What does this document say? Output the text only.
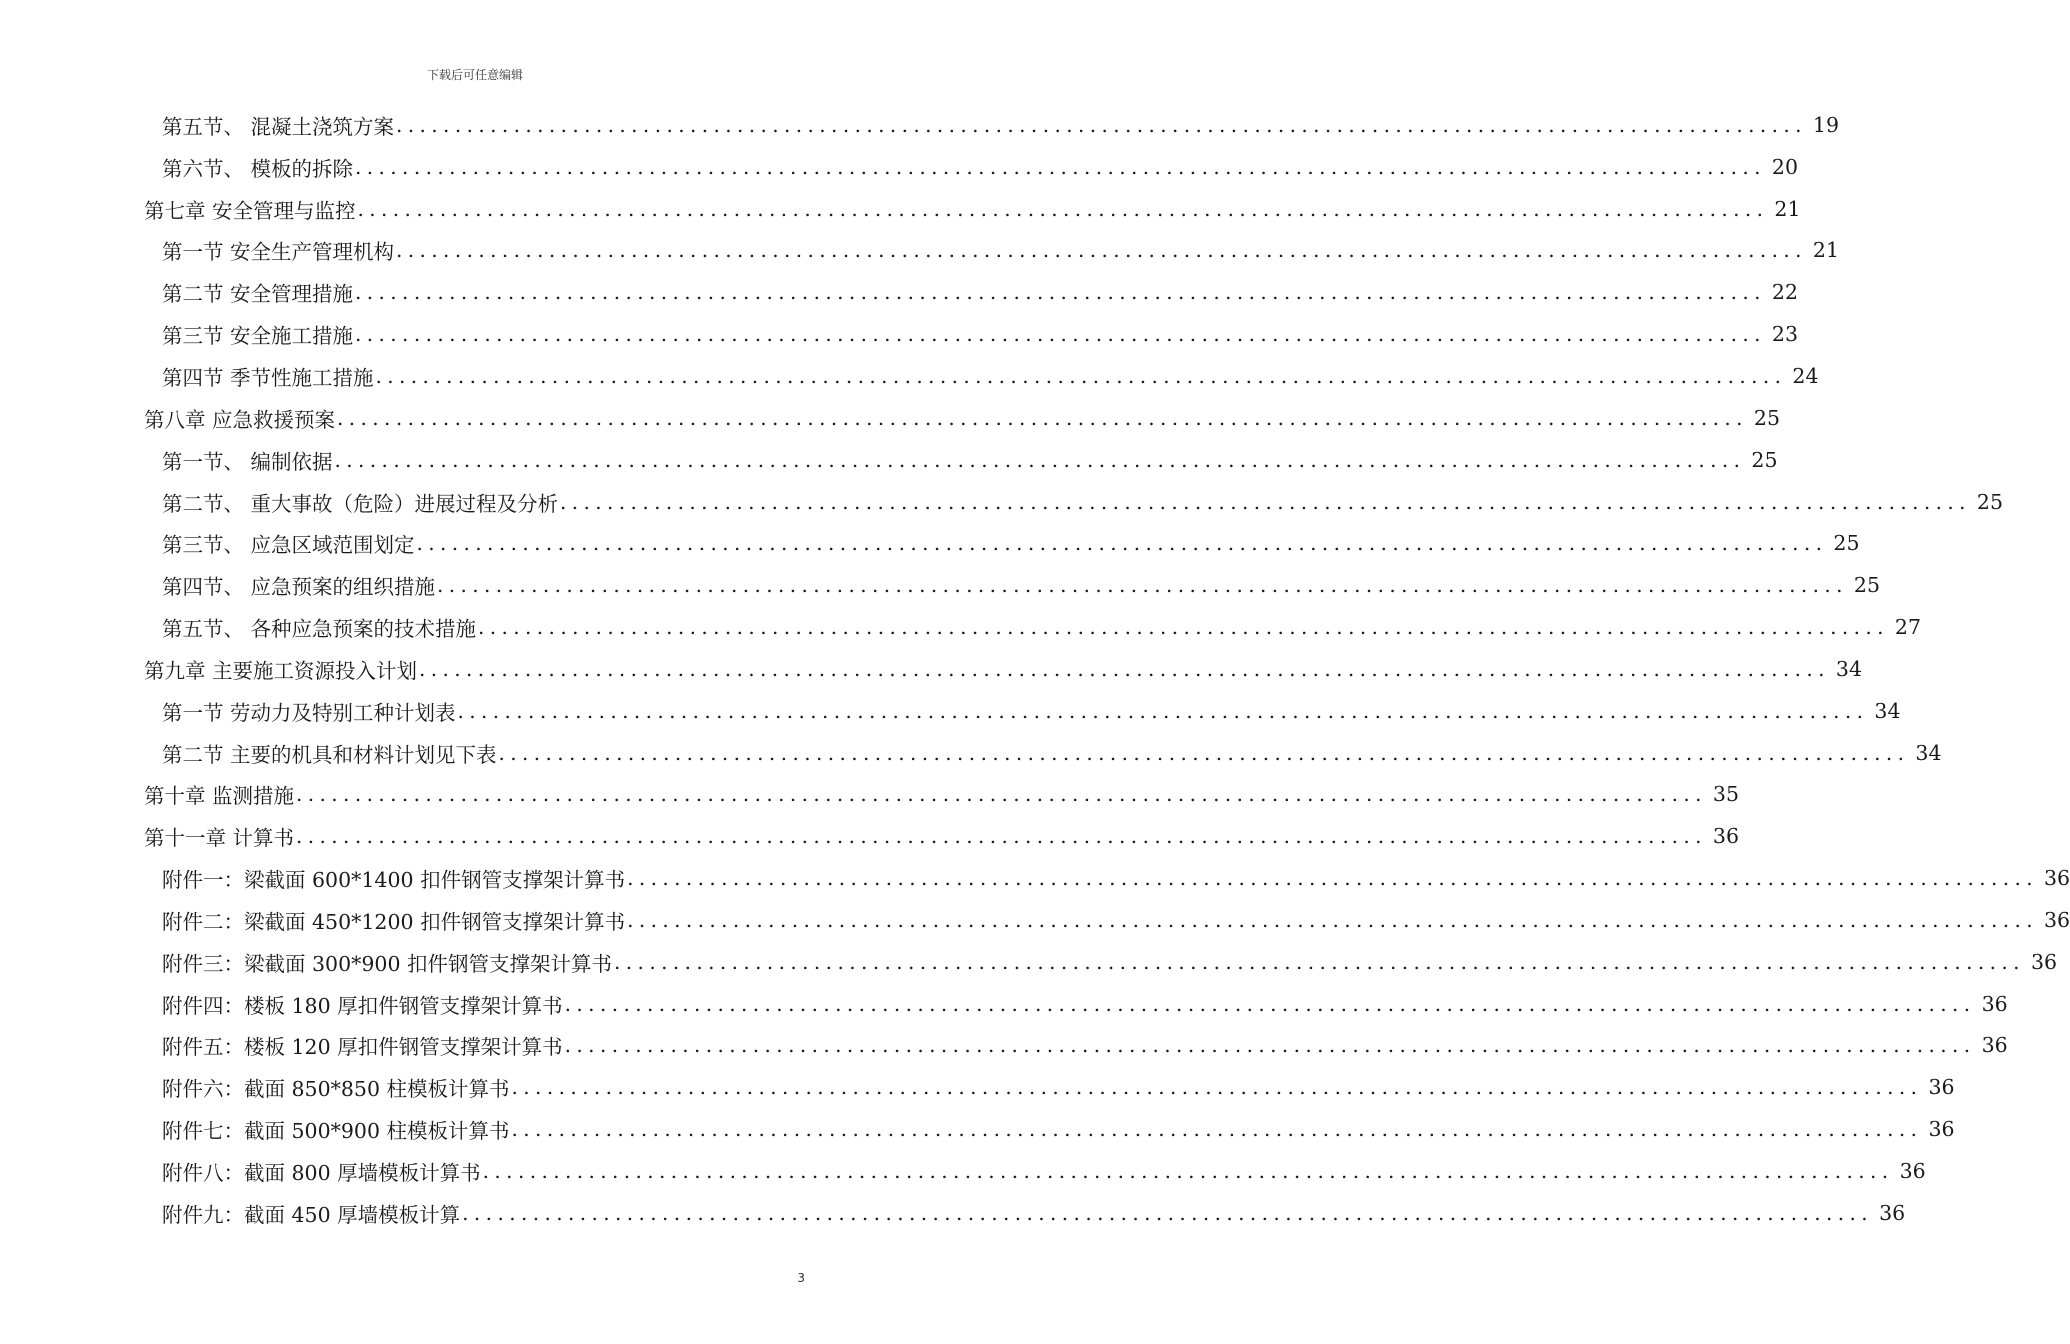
下载后可任意编辑
第五节、 混凝土浇筑方案 ........................................................................................................................ 19
第六节、 模板的拆除 ........................................................................................................................ 20
第七章 安全管理与监控 ........................................................................................................................ 21
第一节 安全生产管理机构 ........................................................................................................................ 21
第二节 安全管理措施 ........................................................................................................................ 22
第三节 安全施工措施 ........................................................................................................................ 23
第四节 季节性施工措施 ........................................................................................................................ 24
第八章 应急救援预案 ........................................................................................................................ 25
第一节、 编制依据 ........................................................................................................................ 25
第二节、 重大事故（危险）进展过程及分析 ........................................................................................................................ 25
第三节、 应急区域范围划定 ........................................................................................................................ 25
第四节、 应急预案的组织措施 ........................................................................................................................ 25
第五节、 各种应急预案的技术措施 ........................................................................................................................ 27
第九章 主要施工资源投入计划 ........................................................................................................................ 34
第一节 劳动力及特别工种计划表 ........................................................................................................................ 34
第二节 主要的机具和材料计划见下表 ........................................................................................................................ 34
第十章 监测措施 ........................................................................................................................ 35
第十一章 计算书 ........................................................................................................................ 36
附件一：梁截面 600*1400 扣件钢管支撑架计算书 ........................................................................................................................ 36
附件二：梁截面 450*1200 扣件钢管支撑架计算书 ........................................................................................................................ 36
附件三：梁截面 300*900 扣件钢管支撑架计算书 ........................................................................................................................ 36
附件四：楼板 180 厚扣件钢管支撑架计算书 ........................................................................................................................ 36
附件五：楼板 120 厚扣件钢管支撑架计算书 ........................................................................................................................ 36
附件六：截面 850*850 柱模板计算书 ........................................................................................................................ 36
附件七：截面 500*900 柱模板计算书 ........................................................................................................................ 36
附件八：截面 800 厚墙模板计算书 ........................................................................................................................ 36
附件九：截面 450 厚墙模板计算 ........................................................................................................................ 36
3
